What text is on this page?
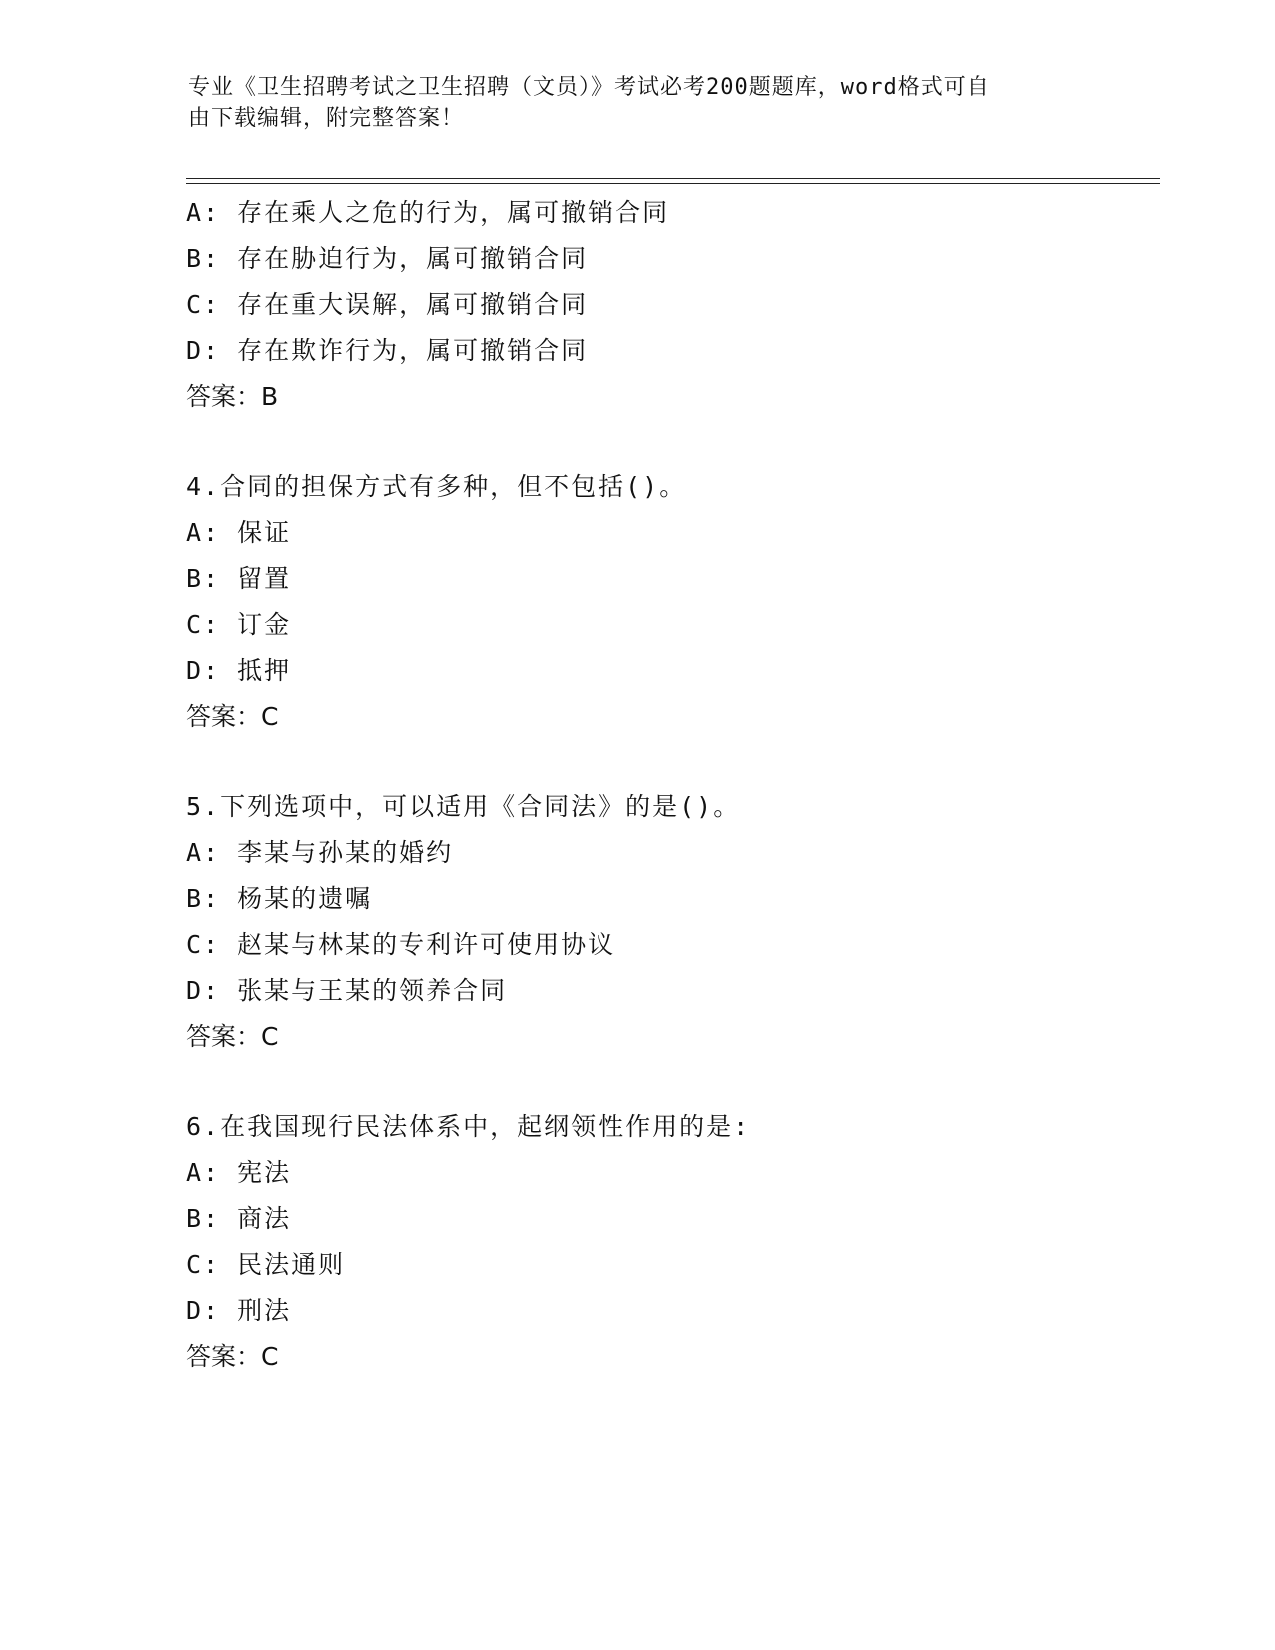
专业《卫生招聘考试之卫生招聘（文员）》考试必考200题题库，word格式可自
由下载编辑，附完整答案！
A: 存在乘人之危的行为，属可撤销合同
B: 存在胁迫行为，属可撤销合同
C: 存在重大误解，属可撤销合同
D: 存在欺诈行为，属可撤销合同
答案：B
4.合同的担保方式有多种，但不包括()。
A: 保证
B: 留置
C: 订金
D: 抵押
答案：C
5.下列选项中，可以适用《合同法》的是()。
A: 李某与孙某的婚约
B: 杨某的遗嘱
C: 赵某与林某的专利许可使用协议
D: 张某与王某的领养合同
答案：C
6.在我国现行民法体系中，起纲领性作用的是:
A: 宪法
B: 商法
C: 民法通则
D: 刑法
答案：C
